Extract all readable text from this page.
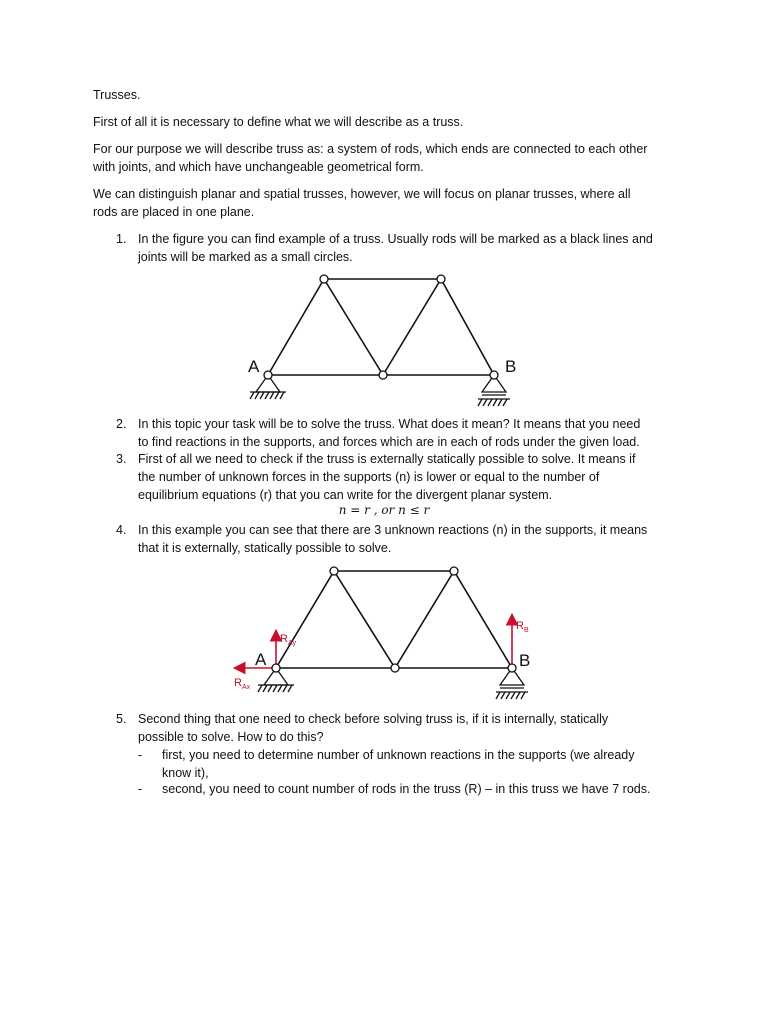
Trusses.
First of all it is necessary to define what we will describe as a truss.
For our purpose we will describe truss as: a system of rods, which ends are connected to each other
with joints, and which have unchangeable geometrical form.
We can distinguish planar and spatial trusses, however, we will focus on planar trusses, where all
rods are placed in one plane.
1. In the figure you can find example of a truss. Usually rods will be marked as a black lines and
joints will be marked as a small circles.
A	B
2. In this topic your task will be to solve the truss. What does it mean? It means that you need
to find reactions in the supports, and forces which are in each of rods under the given load.
3. First of all we need to check if the truss is externally statically possible to solve. It means if
the number of unknown forces in the supports (n) is lower or equal to the number of
equilibrium equations (r) that you can write for the divergent planar system.
n = r , or n ≤ r
4. In this example you can see that there are 3 unknown reactions (n) in the supports, it means
that it is externally, statically possible to solve.
R Ay
R Ax
R B
A	B
5. Second thing that one need to check before solving truss is, if it is internally, statically
possible to solve. How to do this?
- first, you need to determine number of unknown reactions in the supports (we already
know it),
- second, you need to count number of rods in the truss (R) – in this truss we have 7 rods.
